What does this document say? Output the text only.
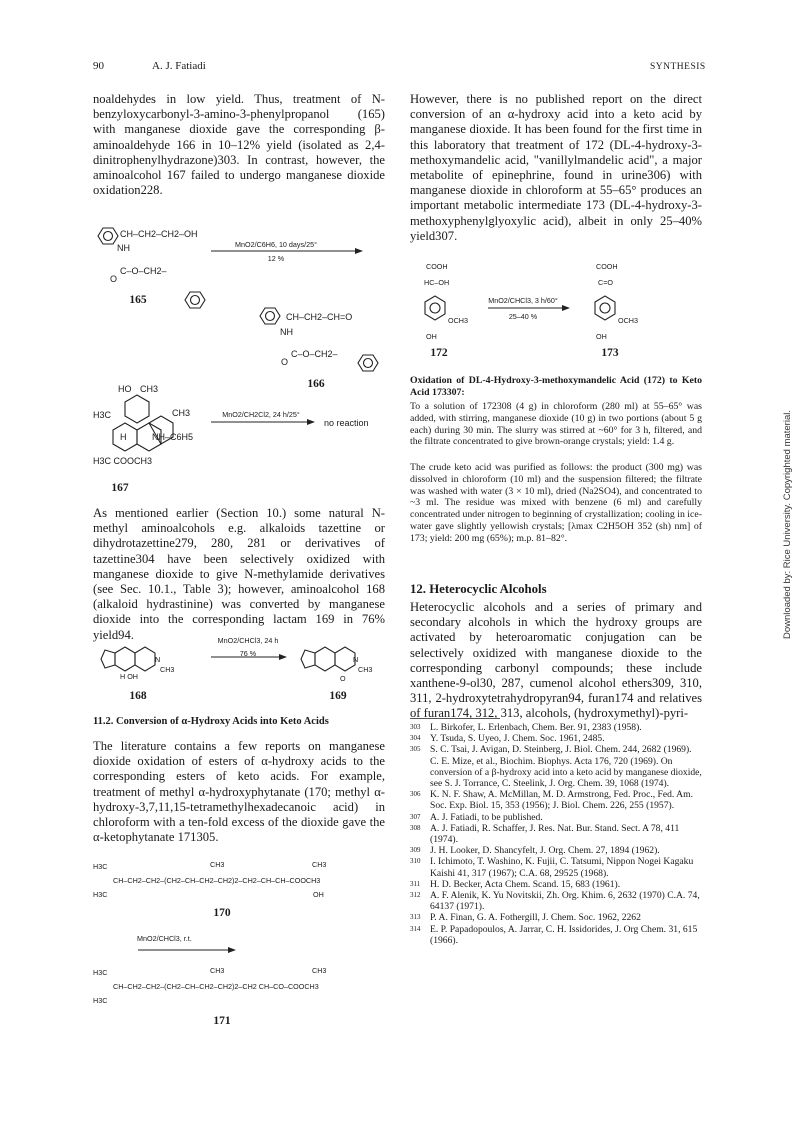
90	A. J. Fatiadi	SYNTHESIS
Downloaded by: Rice University. Copyrighted material.
noaldehydes in low yield. Thus, treatment of N-benzyloxycarbonyl-3-amino-3-phenylpropanol (165) with manganese dioxide gave the corresponding β-aminoaldehyde 166 in 10–12% yield (isolated as 2,4-dinitrophenylhydrazone)303. In contrast, however, the aminoalcohol 167 failed to undergo manganese dioxide oxidation228.
CH–CH2–CH2–OH
NH
C–O–CH2–
O
MnO2/C6H6, 10 days/25°
12 %
165
CH–CH2–CH=O
NH
C–O–CH2–
O
166
HO CH3
H3C	CH3
H	NH–C6H5
H3C COOCH3
MnO2/CH2Cl2, 24 h/25°
no reaction
167
As mentioned earlier (Section 10.) some natural N-methyl aminoalcohols e.g. alkaloids tazettine or dihydrotazettine279, 280, 281 or derivatives of tazettine304 have been selectively oxidized with manganese dioxide to give N-methylamide derivatives (see Sec. 10.1., Table 3); however, aminoalcohol 168 (alkaloid hydrastinine) was converted by manganese dioxide into the corresponding lactam 169 in 76% yield94.	MnO2/CHCl3, 24 h
76 %
H OH
N
CH3
N
CH3
O
168	169
11.2. Conversion of α-Hydroxy Acids into Keto Acids
The literature contains a few reports on manganese dioxide oxidation of esters of α-hydroxy acids to the corresponding esters of keto acids. For example, treatment of methyl α-hydroxyphytanate (170; methyl α-hydroxy-3,7,11,15-tetramethylhexadecanoic acid) in chloroform with a ten-fold excess of the dioxide gave the α-ketophytanate 171305.
H3C	CH3	CH3
CH–CH2–CH2–(CH2–CH–CH2–CH2)2–CH2–CH–CH–COOCH3
H3C	OH
170
MnO2/CHCl3, r.t.
H3C	CH3	CH3
CH–CH2–CH2–(CH2–CH–CH2–CH2)2–CH2 CH–CO–COOCH3
H3C
171
However, there is no published report on the direct conversion of an α-hydroxy acid into a keto acid by manganese dioxide. It has been found for the first time in this laboratory that treatment of 172 (DL-4-hydroxy-3-methoxymandelic acid, "vanillylmandelic acid", a major metabolite of epinephrine, found in urine306) with manganese dioxide in chloroform at 55–65° produces an important metabolic intermediate 173 (DL-4-hydroxy-3-methoxyphenylglyoxylic acid), albeit in only 25–40% yield307.
COOH
HC–OH
OCH3
OH
MnO2/CHCl3, 3 h/60°
25–40 %
COOH
C=O
OCH3
OH
172	173
Oxidation of DL-4-Hydroxy-3-methoxymandelic Acid (172) to Keto Acid 173307:
To a solution of 172308 (4 g) in chloroform (280 ml) at 55–65° was added, with stirring, manganese dioxide (10 g) in two portions (about 5 g each) during 30 min. The slurry was stirred at ~60° for 3 h, filtered, and the filtrate concentrated to give brown-orange crystals; yield: 1.4 g.
The crude keto acid was purified as follows: the product (300 mg) was dissolved in chloroform (10 ml) and the suspension filtered; the filtrate was washed with water (3 × 10 ml), dried (Na2SO4), and concentrated to ~3 ml. The residue was mixed with benzene (6 ml) and carefully concentrated under nitrogen to beginning of crystallization; cooling in ice-water gave slightly yellowish crystals; [λmax C2H5OH 352 (sh) nm] of 173; yield: 200 mg (65%); m.p. 81–82°.
12. Heterocyclic Alcohols
Heterocyclic alcohols and a series of primary and secondary alcohols in which the hydroxy groups are activated by heteroaromatic conjugation can be selectively oxidized with manganese dioxide to the corresponding carbonyl compounds; these include xanthene-9-ol30, 287, cumenol alcohol ethers309, 310, 311, 2-hydroxytetrahydropyran94, furan174 and relatives of furan174, 312, 313, alcohols, (hydroxymethyl)-pyri-
303 L. Birkofer, L. Erlenbach, Chem. Ber. 91, 2383 (1958).
304 Y. Tsuda, S. Uyeo, J. Chem. Soc. 1961, 2485.
305 S. C. Tsai, J. Avigan, D. Steinberg, J. Biol. Chem. 244, 2682 (1969).
C. E. Mize, et al., Biochim. Biophys. Acta 176, 720 (1969). On conversion of a β-hydroxy acid into a keto acid by manganese dioxide, see S. J. Torrance, C. Steelink, J. Org. Chem. 39, 1068 (1974).
306 K. N. F. Shaw, A. McMillan, M. D. Armstrong, Fed. Proc., Fed. Am. Soc. Exp. Biol. 15, 353 (1956); J. Biol. Chem. 226, 255 (1957).
307 A. J. Fatiadi, to be published.
308 A. J. Fatiadi, R. Schaffer, J. Res. Nat. Bur. Stand. Sect. A 78, 411 (1974).
309 J. H. Looker, D. Shancyfelt, J. Org. Chem. 27, 1894 (1962).
310 I. Ichimoto, T. Washino, K. Fujii, C. Tatsumi, Nippon Nogei Kagaku Kaishi 41, 317 (1967); C.A. 68, 29525 (1968).
311	H. D. Becker, Acta Chem. Scand. 15, 683 (1961).
312 A. F. Alenik, K. Yu Novitskii, Zh. Org. Khim. 6, 2632 (1970) C.A. 74, 64137 (1971).
313 P. A. Finan, G. A. Fothergill, J. Chem. Soc. 1962, 2262
314 E. P. Papadopoulos, A. Jarrar, C. H. Issidorides, J. Org Chem. 31, 615 (1966).
